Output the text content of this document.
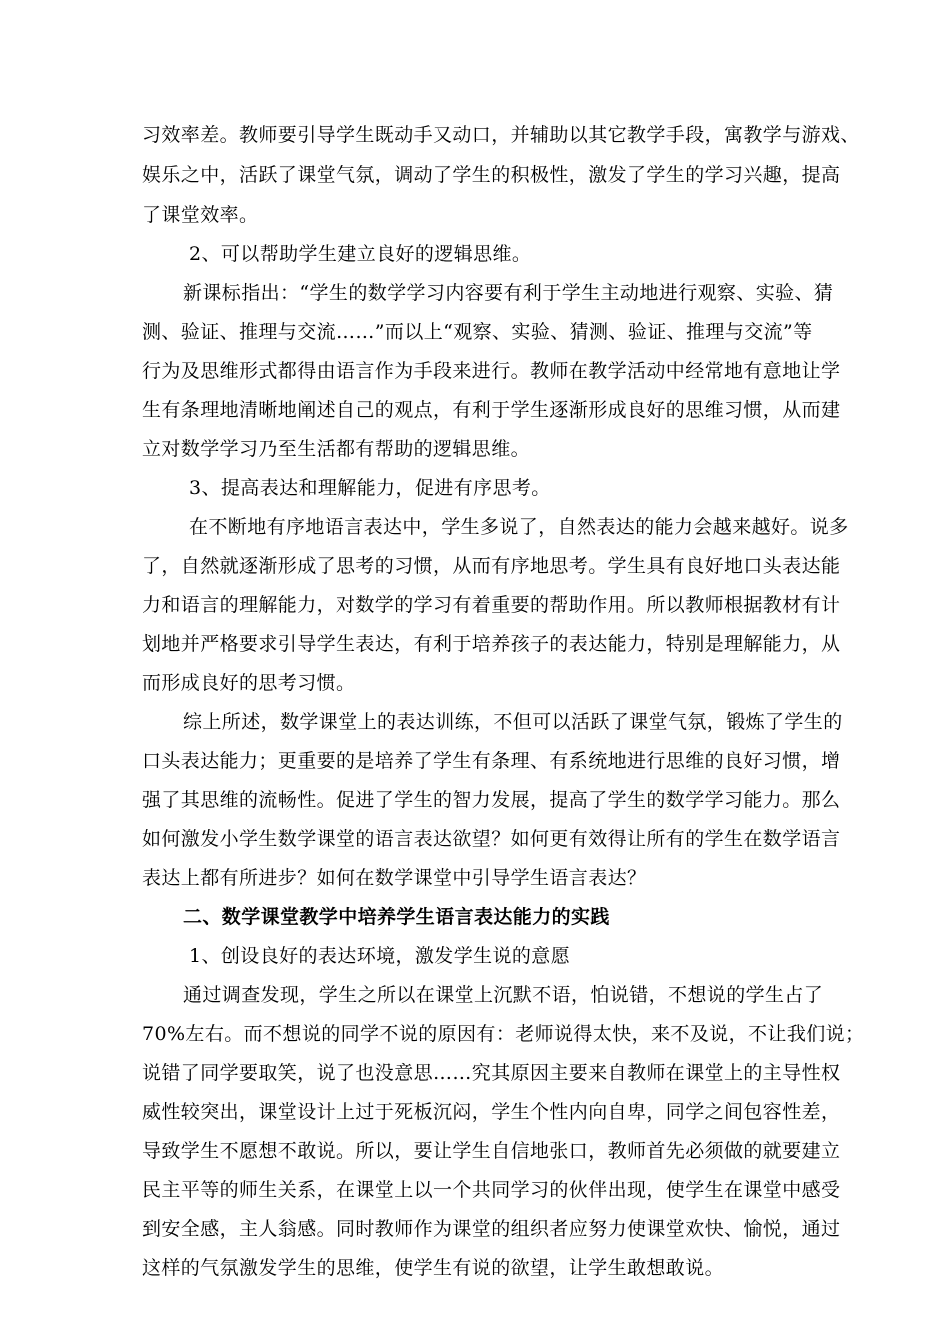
习效率差。教师要引导学生既动手又动口，并辅助以其它教学手段，寓教学与游戏、
娱乐之中，活跃了课堂气氛，调动了学生的积极性，激发了学生的学习兴趣，提高
了课堂效率。
2、可以帮助学生建立良好的逻辑思维。
新课标指出：“学生的数学学习内容要有利于学生主动地进行观察、实验、猜
测、验证、推理与交流……”而以上“观察、实验、猜测、验证、推理与交流”等
行为及思维形式都得由语言作为手段来进行。教师在教学活动中经常地有意地让学
生有条理地清晰地阐述自己的观点，有利于学生逐渐形成良好的思维习惯，从而建
立对数学学习乃至生活都有帮助的逻辑思维。
3、提高表达和理解能力，促进有序思考。
在不断地有序地语言表达中，学生多说了，自然表达的能力会越来越好。说多
了，自然就逐渐形成了思考的习惯，从而有序地思考。学生具有良好地口头表达能
力和语言的理解能力，对数学的学习有着重要的帮助作用。所以教师根据教材有计
划地并严格要求引导学生表达，有利于培养孩子的表达能力，特别是理解能力，从
而形成良好的思考习惯。
综上所述，数学课堂上的表达训练，不但可以活跃了课堂气氛，锻炼了学生的
口头表达能力；更重要的是培养了学生有条理、有系统地进行思维的良好习惯，增
强了其思维的流畅性。促进了学生的智力发展，提高了学生的数学学习能力。那么
如何激发小学生数学课堂的语言表达欲望？如何更有效得让所有的学生在数学语言
表达上都有所进步？如何在数学课堂中引导学生语言表达？
二、数学课堂教学中培养学生语言表达能力的实践
1、创设良好的表达环境，激发学生说的意愿
通过调查发现，学生之所以在课堂上沉默不语，怕说错，不想说的学生占了
70%左右。而不想说的同学不说的原因有：老师说得太快，来不及说，不让我们说；
说错了同学要取笑，说了也没意思……究其原因主要来自教师在课堂上的主导性权
威性较突出，课堂设计上过于死板沉闷，学生个性内向自卑，同学之间包容性差，
导致学生不愿想不敢说。所以，要让学生自信地张口，教师首先必须做的就要建立
民主平等的师生关系，在课堂上以一个共同学习的伙伴出现，使学生在课堂中感受
到安全感，主人翁感。同时教师作为课堂的组织者应努力使课堂欢快、愉悦，通过
这样的气氛激发学生的思维，使学生有说的欲望，让学生敢想敢说。
